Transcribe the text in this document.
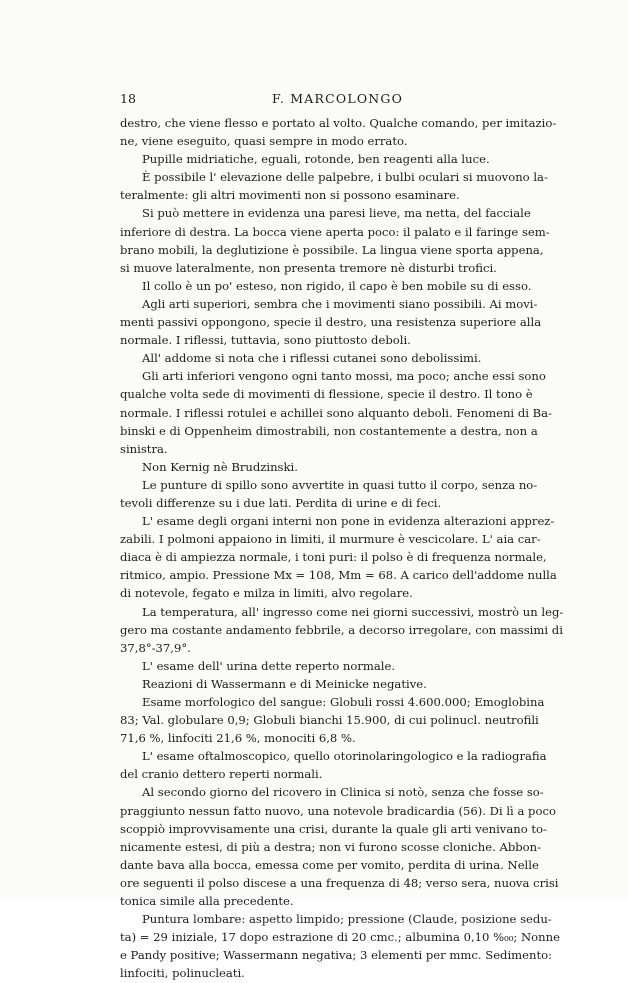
18	F. MARCOLONGO
destro, che viene flesso e portato al volto. Qualche comando, per imitazio-
ne, viene eseguito, quasi sempre in modo errato.
Pupille midriatiche, eguali, rotonde, ben reagenti alla luce.
È possibile l' elevazione delle palpebre, i bulbi oculari si muovono la-
teralmente: gli altri movimenti non si possono esaminare.
Si può mettere in evidenza una paresi lieve, ma netta, del facciale
inferiore di destra. La bocca viene aperta poco: il palato e il faringe sem-
brano mobili, la deglutizione è possibile. La lingua viene sporta appena,
si muove lateralmente, non presenta tremore nè disturbi trofici.
Il collo è un po' esteso, non rigido, il capo è ben mobile su di esso.
Agli arti superiori, sembra che i movimenti siano possibili. Ai movi-
menti passivi oppongono, specie il destro, una resistenza superiore alla
normale. I riflessi, tuttavia, sono piuttosto deboli.
All' addome si nota che i riflessi cutanei sono debolissimi.
Gli arti inferiori vengono ogni tanto mossi, ma poco; anche essi sono
qualche volta sede di movimenti di flessione, specie il destro. Il tono è
normale. I riflessi rotulei e achillei sono alquanto deboli. Fenomeni di Ba-
binski e di Oppenheim dimostrabili, non costantemente a destra, non a
sinistra.
Non Kernig nè Brudzinski.
Le punture di spillo sono avvertite in quasi tutto il corpo, senza no-
tevoli differenze su i due lati. Perdita di urine e di feci.
L' esame degli organi interni non pone in evidenza alterazioni apprez-
zabili. I polmoni appaiono in limiti, il murmure è vescicolare. L' aia car-
diaca è di ampiezza normale, i toni puri: il polso è di frequenza normale,
ritmico, ampio. Pressione Mx = 108, Mm = 68. A carico dell'addome nulla
di notevole, fegato e milza in limiti, alvo regolare.
La temperatura, all' ingresso come nei giorni successivi, mostrò un leg-
gero ma costante andamento febbrile, a decorso irregolare, con massimi di
37,8°-37,9°.
L' esame dell' urina dette reperto normale.
Reazioni di Wassermann e di Meinicke negative.
Esame morfologico del sangue: Globuli rossi 4.600.000; Emoglobina
83; Val. globulare 0,9; Globuli bianchi 15.900, di cui polinucl. neutrofili
71,6 %, linfociti 21,6 %, monociti 6,8 %.
L' esame oftalmoscopico, quello otorinolaringologico e la radiografia
del cranio dettero reperti normali.
Al secondo giorno del ricovero in Clinica si notò, senza che fosse so-
praggiunto nessun fatto nuovo, una notevole bradicardia (56). Di lì a poco
scoppiò improvvisamente una crisi, durante la quale gli arti venivano to-
nicamente estesi, di più a destra; non vi furono scosse cloniche. Abbon-
dante bava alla bocca, emessa come per vomito, perdita di urina. Nelle
ore seguenti il polso discese a una frequenza di 48; verso sera, nuova crisi
tonica simile alla precedente.
Puntura lombare: aspetto limpido; pressione (Claude, posizione sedu-
ta) = 29 iniziale, 17 dopo estrazione di 20 cmc.; albumina 0,10 %₀₀; Nonne
e Pandy positive; Wassermann negativa; 3 elementi per mmc. Sedimento:
linfociti, polinucleati.
